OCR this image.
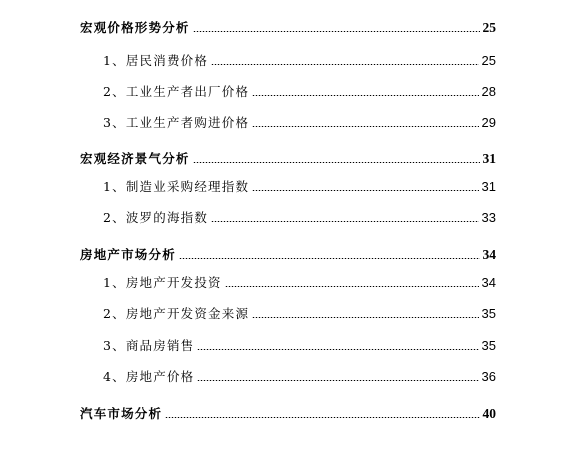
宏观价格形势分析	25
1、居民消费价格	25
2、工业生产者出厂价格	28
3、工业生产者购进价格	29
宏观经济景气分析	31
1、制造业采购经理指数	31
2、波罗的海指数	33
房地产市场分析	34
1、房地产开发投资	34
2、房地产开发资金来源	35
3、商品房销售	35
4、房地产价格	36
汽车市场分析	40
